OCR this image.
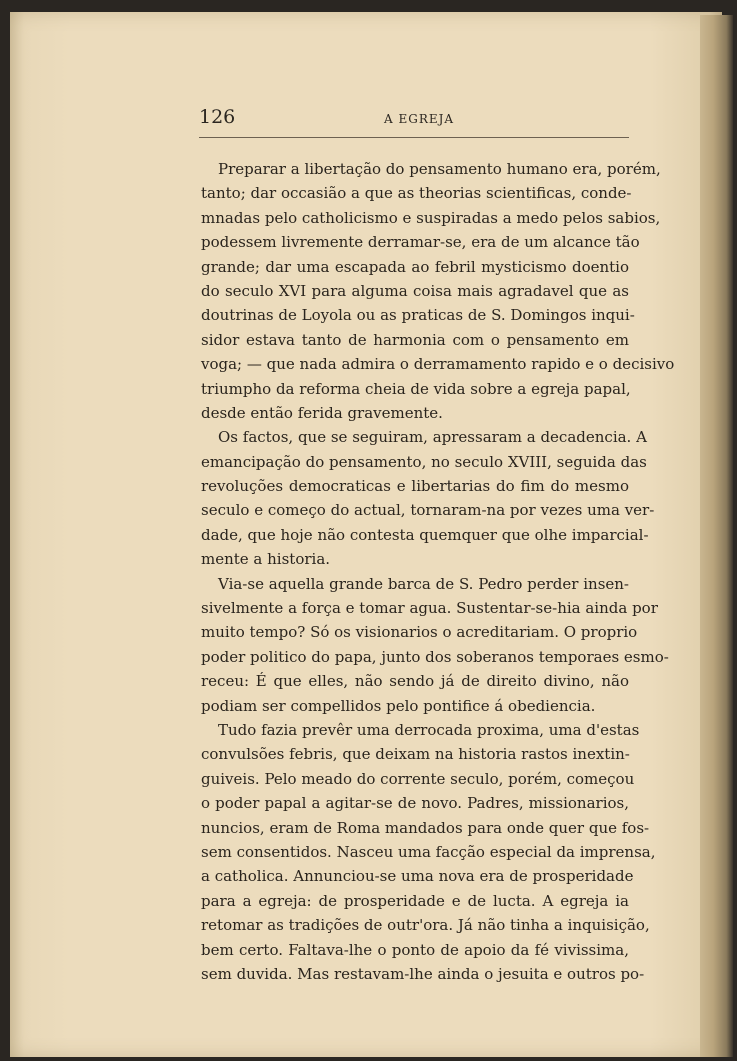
126	A EGREJA
Preparar a libertação do pensamento humano era, porém,
tanto; dar occasião a que as theorias scientificas, conde-
mnadas pelo catholicismo e suspiradas a medo pelos sabios,
podessem livremente derramar-se, era de um alcance tão
grande; dar uma escapada ao febril mysticismo doentio
do seculo XVI para alguma coisa mais agradavel que as
doutrinas de Loyola ou as praticas de S. Domingos inqui-
sidor estava tanto de harmonia com o pensamento em
voga; — que nada admira o derramamento rapido e o decisivo
triumpho da reforma cheia de vida sobre a egreja papal,
desde então ferida gravemente.
Os factos, que se seguiram, apressaram a decadencia. A
emancipação do pensamento, no seculo XVIII, seguida das
revoluções democraticas e libertarias do fim do mesmo
seculo e começo do actual, tornaram-na por vezes uma ver-
dade, que hoje não contesta quemquer que olhe imparcial-
mente a historia.
Via-se aquella grande barca de S. Pedro perder insen-
sivelmente a força e tomar agua. Sustentar-se-hia ainda por
muito tempo? Só os visionarios o acreditariam. O proprio
poder politico do papa, junto dos soberanos temporaes esmo-
receu: É que elles, não sendo já de direito divino, não
podiam ser compellidos pelo pontifice á obediencia.
Tudo fazia prevêr uma derrocada proxima, uma d'estas
convulsões febris, que deixam na historia rastos inextin-
guiveis. Pelo meado do corrente seculo, porém, começou
o poder papal a agitar-se de novo. Padres, missionarios,
nuncios, eram de Roma mandados para onde quer que fos-
sem consentidos. Nasceu uma facção especial da imprensa,
a catholica. Annunciou-se uma nova era de prosperidade
para a egreja: de prosperidade e de lucta. A egreja ia
retomar as tradições de outr'ora. Já não tinha a inquisição,
bem certo. Faltava-lhe o ponto de apoio da fé vivissima,
sem duvida. Mas restavam-lhe ainda o jesuita e outros po-
